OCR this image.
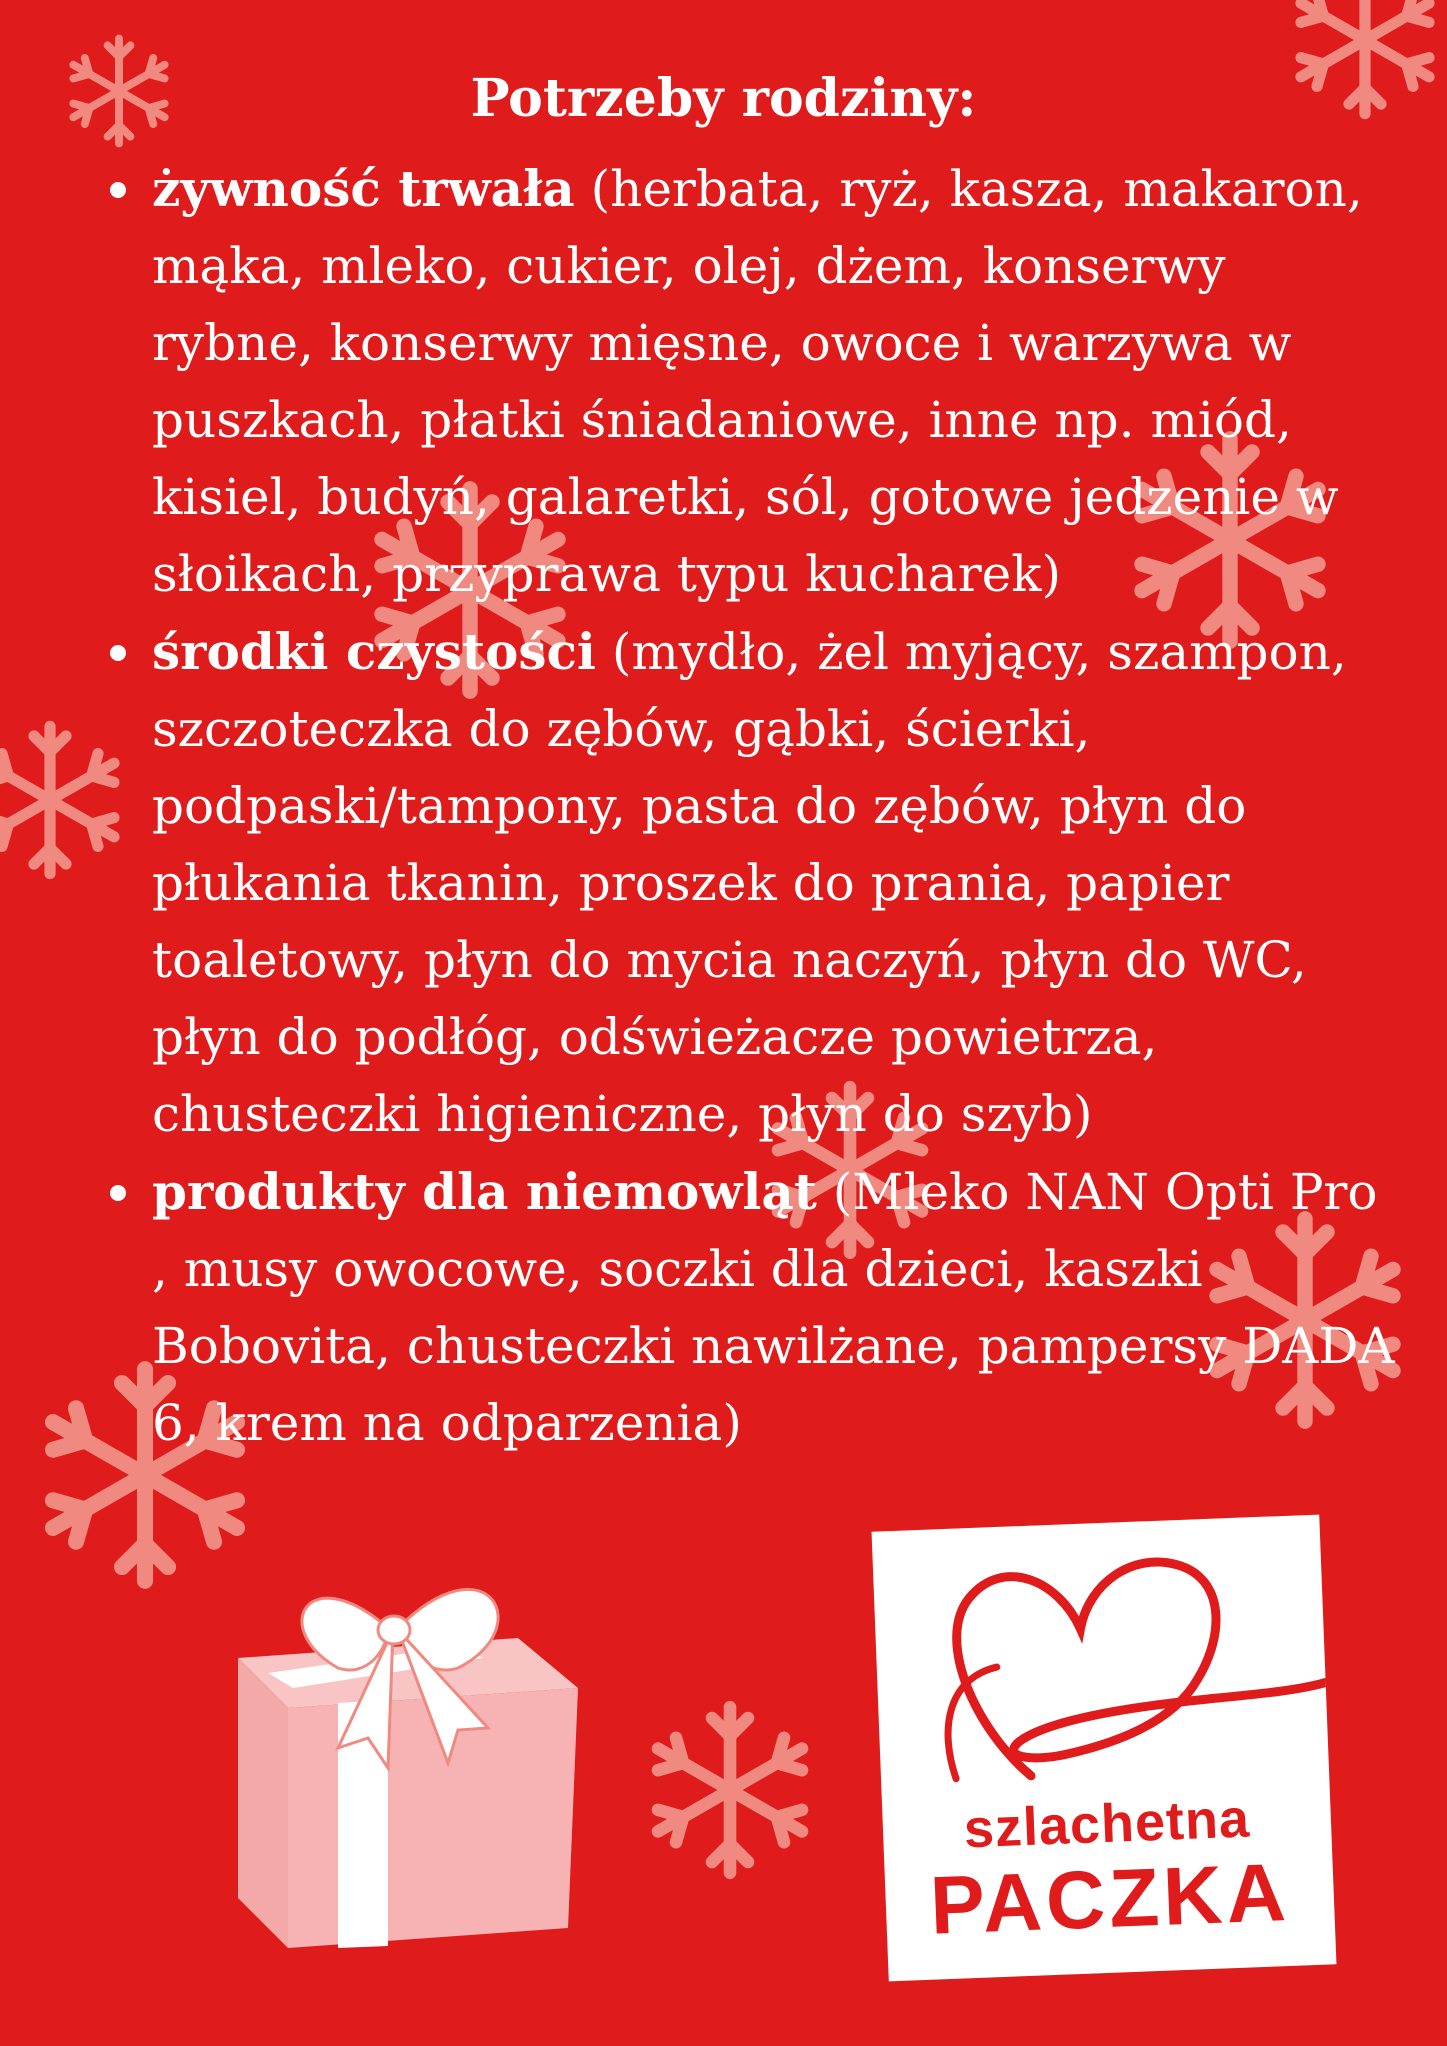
Potrzeby rodziny:
żywność trwała (herbata, ryż, kasza, makaron, mąka, mleko, cukier, olej, dżem, konserwy rybne, konserwy mięsne, owoce i warzywa w puszkach, płatki śniadaniowe, inne np. miód, kisiel, budyń, galaretki, sól, gotowe jedzenie w słoikach, przyprawa typu kucharek)
środki czystości (mydło, żel myjący, szampon, szczoteczka do zębów, gąbki, ścierki, podpaski/tampony, pasta do zębów, płyn do płukania tkanin, proszek do prania, papier toaletowy, płyn do mycia naczyń, płyn do WC, płyn do podłóg, odświeżacze powietrza, chusteczki higieniczne, płyn do szyb)
produkty dla niemowląt (Mleko NAN Opti Pro , musy owocowe, soczki dla dzieci, kaszki Bobovita, chusteczki nawilżane, pampersy DADA 6, krem na odparzenia)
szlachetna
PACZKA
